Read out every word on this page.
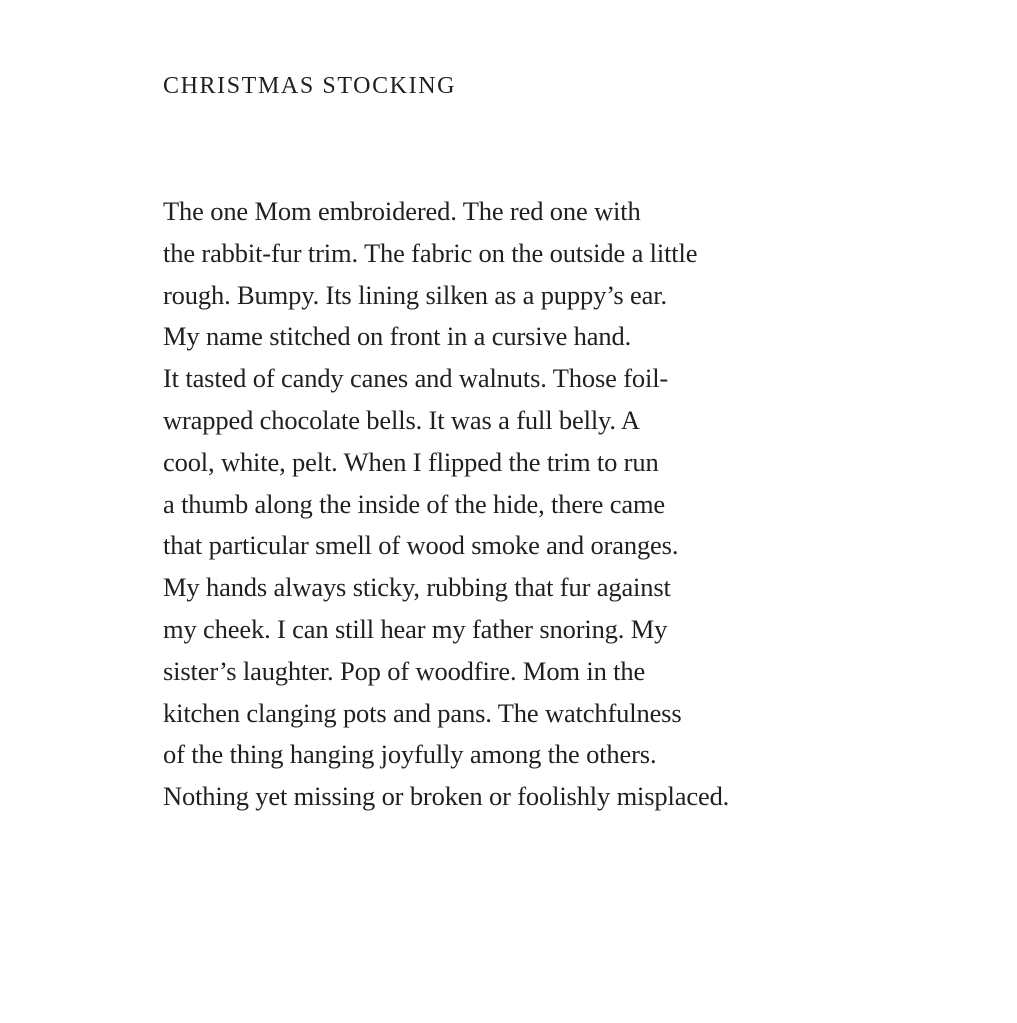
CHRISTMAS STOCKING
The one Mom embroidered. The red one with
the rabbit-fur trim. The fabric on the outside a little
rough. Bumpy. Its lining silken as a puppy’s ear.
My name stitched on front in a cursive hand.
It tasted of candy canes and walnuts. Those foil-
wrapped chocolate bells. It was a full belly. A
cool, white, pelt. When I flipped the trim to run
a thumb along the inside of the hide, there came
that particular smell of wood smoke and oranges.
My hands always sticky, rubbing that fur against
my cheek. I can still hear my father snoring. My
sister’s laughter. Pop of woodfire. Mom in the
kitchen clanging pots and pans. The watchfulness
of the thing hanging joyfully among the others.
Nothing yet missing or broken or foolishly misplaced.
